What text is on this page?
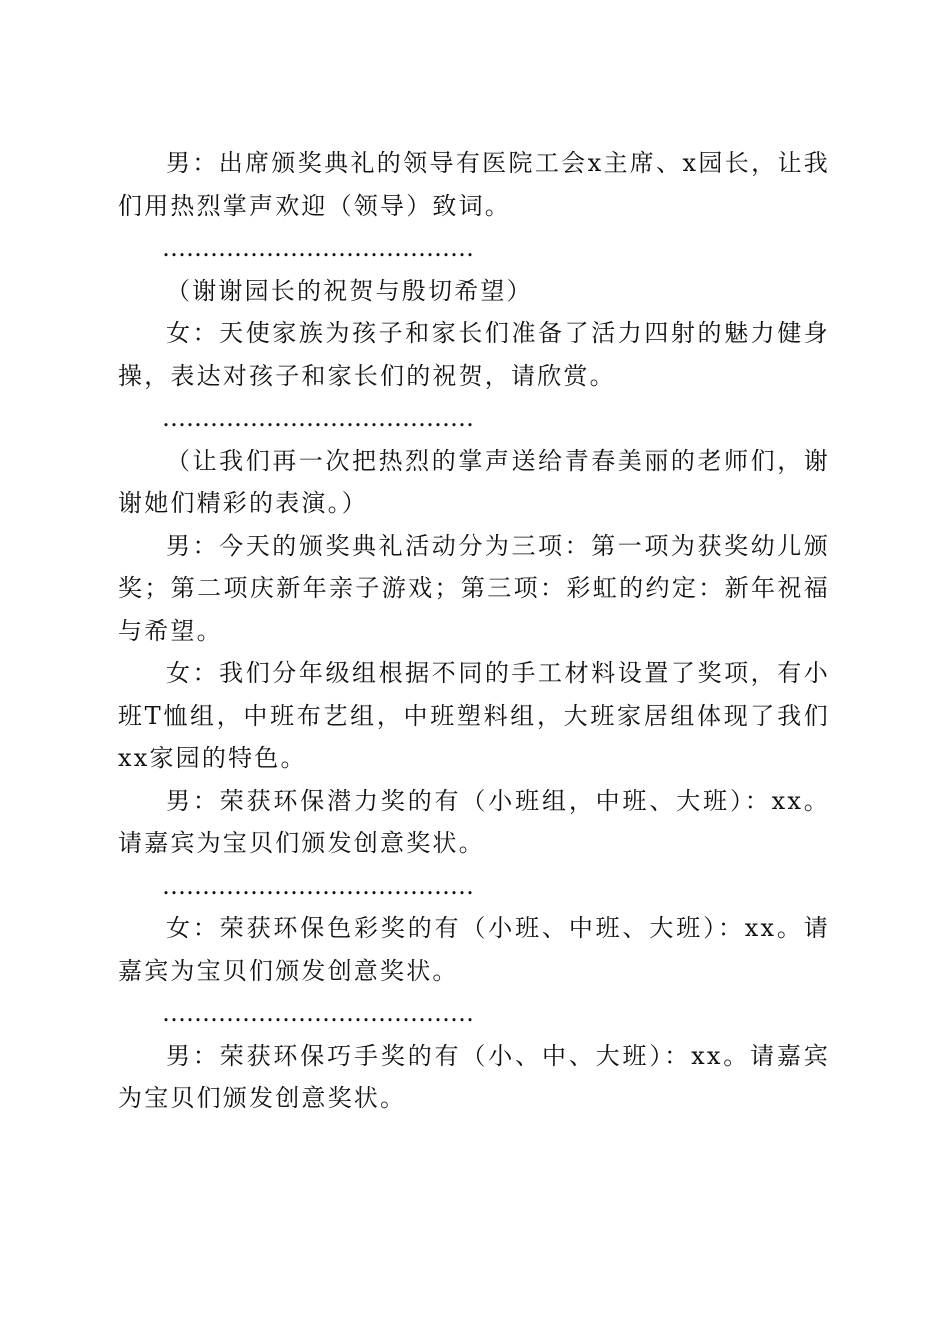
男：出席颁奖典礼的领导有医院工会x主席、x园长，让我们用热烈掌声欢迎（领导）致词。

…………………………………

（谢谢园长的祝贺与殷切希望）

女：天使家族为孩子和家长们准备了活力四射的魅力健身操，表达对孩子和家长们的祝贺，请欣赏。

…………………………………

（让我们再一次把热烈的掌声送给青春美丽的老师们，谢谢她们精彩的表演。）

男：今天的颁奖典礼活动分为三项：第一项为获奖幼儿颁奖；第二项庆新年亲子游戏；第三项：彩虹的约定：新年祝福与希望。

女：我们分年级组根据不同的手工材料设置了奖项，有小班T恤组，中班布艺组，中班塑料组，大班家居组体现了我们xx家园的特色。

男：荣获环保潜力奖的有（小班组，中班、大班）：xx。请嘉宾为宝贝们颁发创意奖状。

…………………………………

女：荣获环保色彩奖的有（小班、中班、大班）：xx。请嘉宾为宝贝们颁发创意奖状。

…………………………………

男：荣获环保巧手奖的有（小、中、大班）：xx。请嘉宾为宝贝们颁发创意奖状。
